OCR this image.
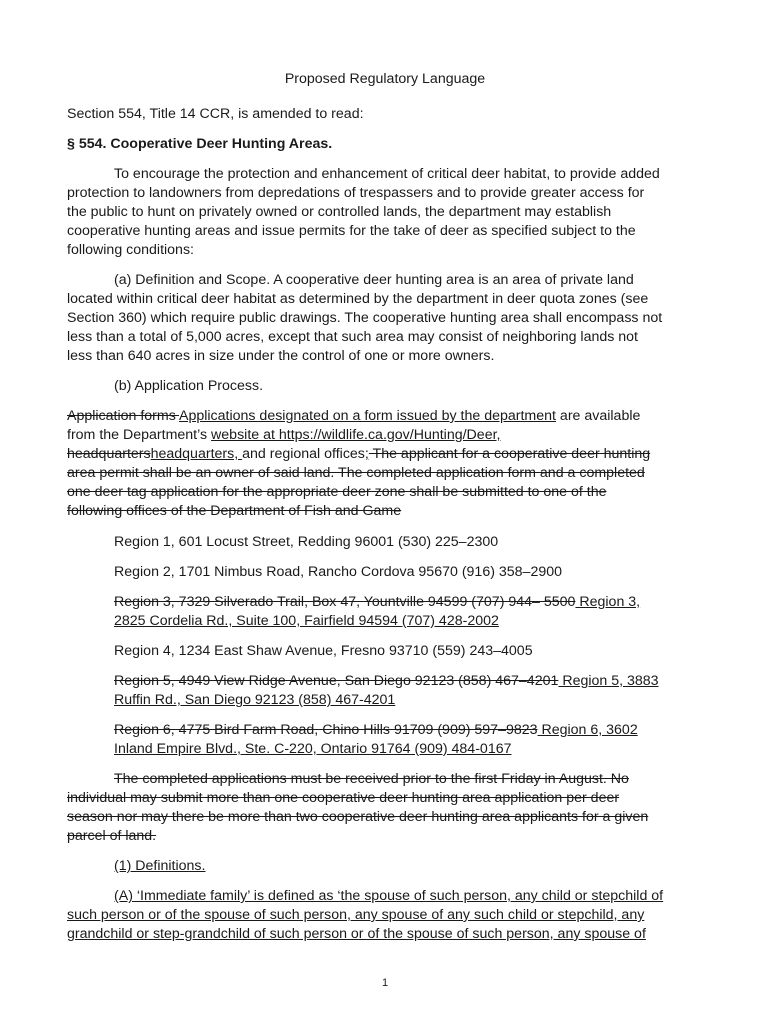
Proposed Regulatory Language
Section 554, Title 14 CCR, is amended to read:
§ 554. Cooperative Deer Hunting Areas.
To encourage the protection and enhancement of critical deer habitat, to provide added
protection to landowners from depredations of trespassers and to provide greater access for
the public to hunt on privately owned or controlled lands, the department may establish
cooperative hunting areas and issue permits for the take of deer as specified subject to the
following conditions:
(a) Definition and Scope. A cooperative deer hunting area is an area of private land
located within critical deer habitat as determined by the department in deer quota zones (see
Section 360) which require public drawings. The cooperative hunting area shall encompass not
less than a total of 5,000 acres, except that such area may consist of neighboring lands not
less than 640 acres in size under the control of one or more owners.
(b) Application Process.
Application forms Applications designated on a form issued by the department are available
from the Department’s website at https://wildlife.ca.gov/Hunting/Deer,
headquartersheadquarters, and regional offices; The applicant for a cooperative deer hunting
area permit shall be an owner of said land. The completed application form and a completed
one deer tag application for the appropriate deer zone shall be submitted to one of the
following offices of the Department of Fish and Game
Region 1, 601 Locust Street, Redding 96001 (530) 225–2300
Region 2, 1701 Nimbus Road, Rancho Cordova 95670 (916) 358–2900
Region 3, 7329 Silverado Trail, Box 47, Yountville 94599 (707) 944– 5500 Region 3,
2825 Cordelia Rd., Suite 100, Fairfield 94594 (707) 428-2002
Region 4, 1234 East Shaw Avenue, Fresno 93710 (559) 243–4005
Region 5, 4949 View Ridge Avenue, San Diego 92123 (858) 467–4201 Region 5, 3883
Ruffin Rd., San Diego 92123 (858) 467-4201
Region 6, 4775 Bird Farm Road, Chino Hills 91709 (909) 597–9823 Region 6, 3602
Inland Empire Blvd., Ste. C-220, Ontario 91764 (909) 484-0167
The completed applications must be received prior to the first Friday in August. No
individual may submit more than one cooperative deer hunting area application per deer
season nor may there be more than two cooperative deer hunting area applicants for a given
parcel of land.
(1) Definitions.
(A) ‘Immediate family’ is defined as ‘the spouse of such person, any child or stepchild of
such person or of the spouse of such person, any spouse of any such child or stepchild, any
grandchild or step-grandchild of such person or of the spouse of such person, any spouse of
1
